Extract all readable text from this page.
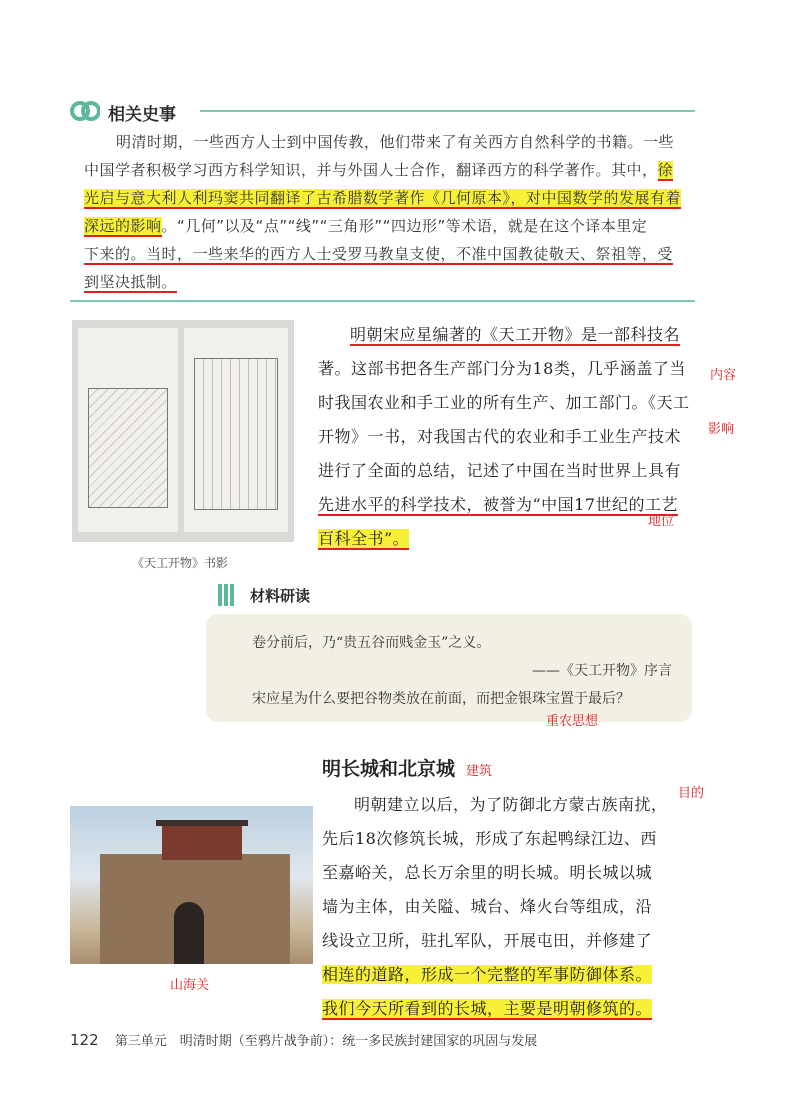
相关史事
明清时期，一些西方人士到中国传教，他们带来了有关西方自然科学的书籍。一些
中国学者积极学习西方科学知识，并与外国人士合作，翻译西方的科学著作。其中，徐
光启与意大利人利玛窦共同翻译了古希腊数学著作《几何原本》，对中国数学的发展有着
深远的影响。“几何”以及“点”“线”“三角形”“四边形”等术语，就是在这个译本里定
下来的。当时，一些来华的西方人士受罗马教皇支使，不准中国教徒敬天、祭祖等，受
到坚决抵制。
《天工开物》书影
明朝宋应星编著的《天工开物》是一部科技名
著。这部书把各生产部门分为18类，几乎涵盖了当
时我国农业和手工业的所有生产、加工部门。《天工
开物》一书，对我国古代的农业和手工业生产技术
进行了全面的总结，记述了中国在当时世界上具有
先进水平的科学技术，被誉为“中国17世纪的工艺
百科全书”。
内容
影响
地位
材料研读
卷分前后，乃“贵五谷而贱金玉”之义。
——《天工开物》序言
宋应星为什么要把谷物类放在前面，而把金银珠宝置于最后？
重农思想
明长城和北京城 建筑
目的
山海关
明朝建立以后，为了防御北方蒙古族南扰，
先后18次修筑长城，形成了东起鸭绿江边、西
至嘉峪关，总长万余里的明长城。明长城以城
墙为主体，由关隘、城台、烽火台等组成，沿
线设立卫所，驻扎军队，开展屯田，并修建了
相连的道路，形成一个完整的军事防御体系。
我们今天所看到的长城，主要是明朝修筑的。
122 第三单元　明清时期（至鸦片战争前）：统一多民族封建国家的巩固与发展
